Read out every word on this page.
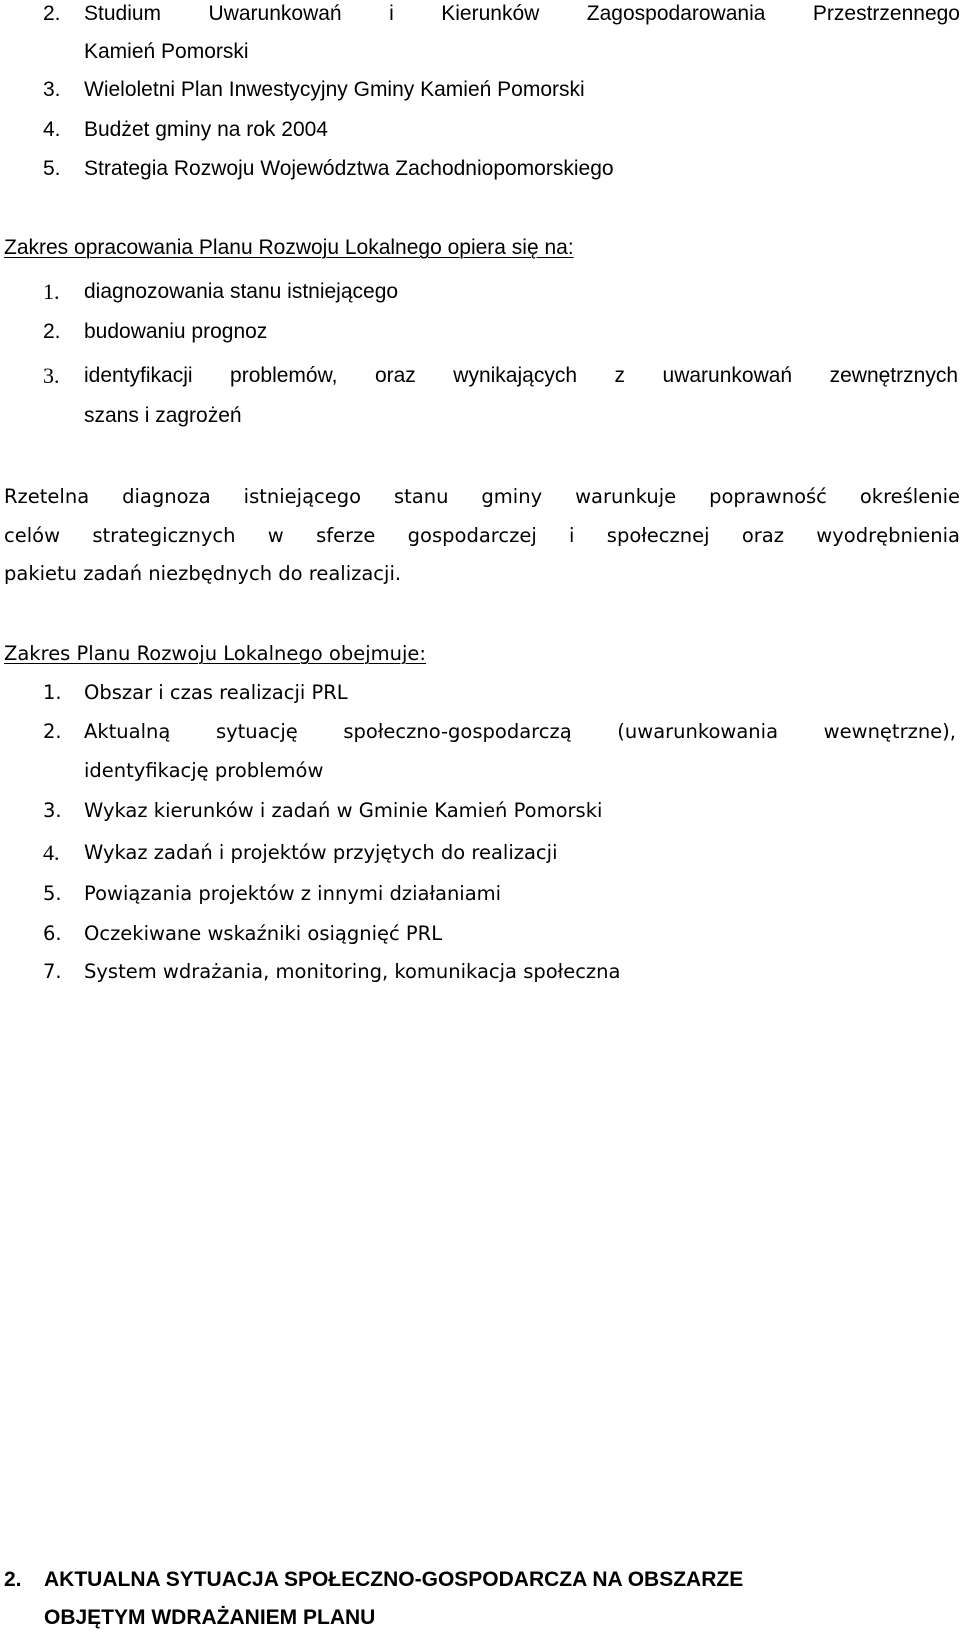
2. Studium Uwarunkowań i Kierunków Zagospodarowania Przestrzennego
Kamień Pomorski
3. Wieloletni Plan Inwestycyjny Gminy Kamień Pomorski
4. Budżet gminy na rok 2004
5. Strategia Rozwoju Województwa Zachodniopomorskiego
Zakres opracowania Planu Rozwoju Lokalnego opiera się na:
1. diagnozowania stanu istniejącego
2. budowaniu prognoz
3. identyfikacji problemów, oraz wynikających z uwarunkowań zewnętrznych
szans i zagrożeń
Rzetelna diagnoza istniejącego stanu gminy warunkuje poprawność określenie
celów strategicznych w sferze gospodarczej i społecznej oraz wyodrębnienia
pakietu zadań niezbędnych do realizacji.
Zakres Planu Rozwoju Lokalnego obejmuje:
1. Obszar i czas realizacji PRL
2. Aktualną sytuację społeczno-gospodarczą (uwarunkowania wewnętrzne),
identyfikację problemów
3. Wykaz kierunków i zadań w Gminie Kamień Pomorski
4. Wykaz zadań i projektów przyjętych do realizacji
5. Powiązania projektów z innymi działaniami
6. Oczekiwane wskaźniki osiągnięć PRL
7. System wdrażania, monitoring, komunikacja społeczna
2. AKTUALNA SYTUACJA SPOŁECZNO-GOSPODARCZA NA OBSZARZE
OBJĘTYM WDRAŻANIEM PLANU
